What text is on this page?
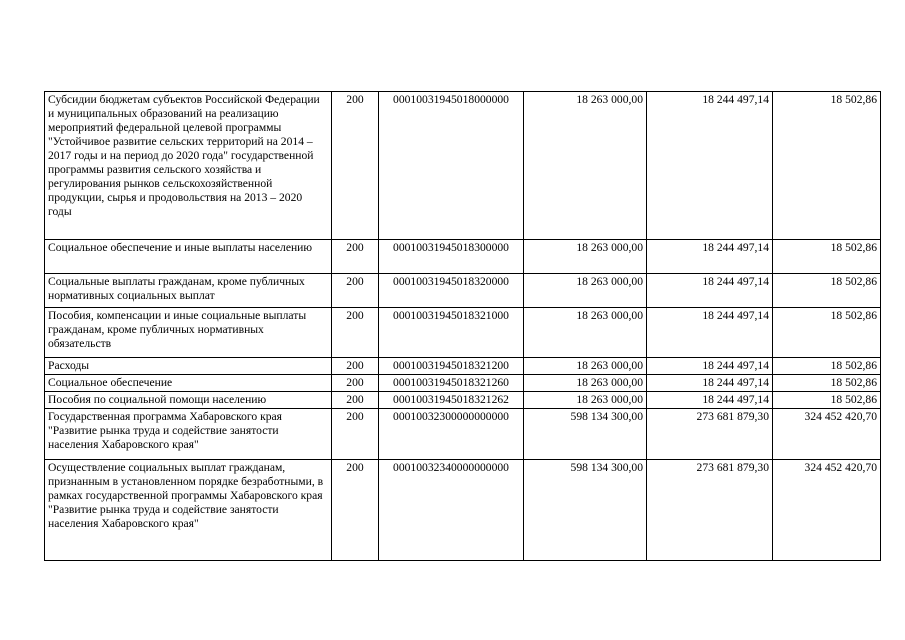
Субсидии бюджетам субъектов Российской Федерации и муниципальных образований на реализацию мероприятий федеральной целевой программы "Устойчивое развитие сельских территорий на 2014 – 2017 годы и на период до 2020 года" государственной программы развития сельского хозяйства и регулирования рынков сельскохозяйственной продукции, сырья и продовольствия на 2013 – 2020 годы	200	00010031945018000000	18 263 000,00	18 244 497,14	18 502,86
Социальное обеспечение и иные выплаты населению	200	00010031945018300000	18 263 000,00	18 244 497,14	18 502,86
Социальные выплаты гражданам, кроме публичных нормативных социальных выплат	200	00010031945018320000	18 263 000,00	18 244 497,14	18 502,86
Пособия, компенсации и иные социальные выплаты гражданам, кроме публичных нормативных обязательств	200	00010031945018321000	18 263 000,00	18 244 497,14	18 502,86
Расходы	200	00010031945018321200	18 263 000,00	18 244 497,14	18 502,86
Социальное обеспечение	200	00010031945018321260	18 263 000,00	18 244 497,14	18 502,86
Пособия по социальной помощи населению	200	00010031945018321262	18 263 000,00	18 244 497,14	18 502,86
Государственная программа Хабаровского края "Развитие рынка труда и содействие занятости населения Хабаровского края"	200	00010032300000000000	598 134 300,00	273 681 879,30	324 452 420,70
Осуществление социальных выплат гражданам, признанным в установленном порядке безработными, в рамках государственной программы Хабаровского края "Развитие рынка труда и содействие занятости населения Хабаровского края"	200	00010032340000000000	598 134 300,00	273 681 879,30	324 452 420,70
